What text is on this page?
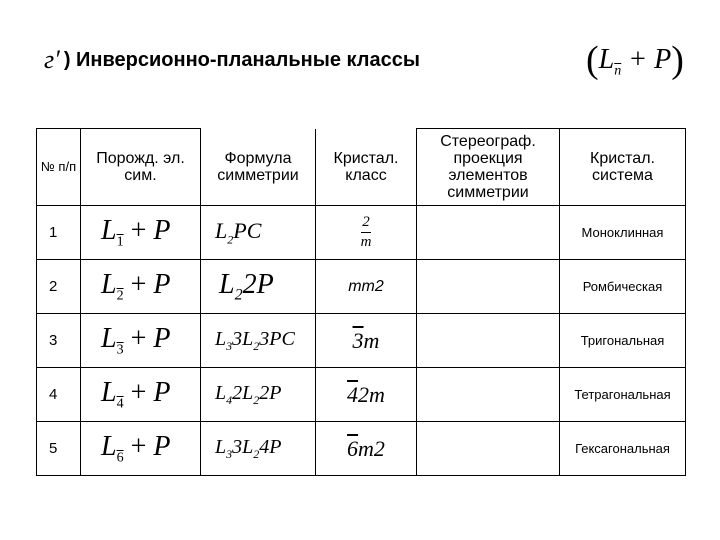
г′ ) Инверсионно-планальные классы	$(L_{\overline{n}} + P)$
№ п/п	Порожд. эл. сим.	Формула симметрии	Кристал. класс	Стереограф. проекция элементов симметрии	Кристал. система
1	$L_1 + P$	$L_2PC$	$\frac{2}{m}$		Моноклинная
2	$L_2 + P$	$L_22P$	mm2		Ромбическая
3	$L_3 + P$	$L_33L_23PC$	3m		Тригональная
4	$L_4 + P$	$L_42L_22P$	42m		Тетрагональная
5	$L_6 + P$	$L_33L_24P$	6m2		Гексагональная
